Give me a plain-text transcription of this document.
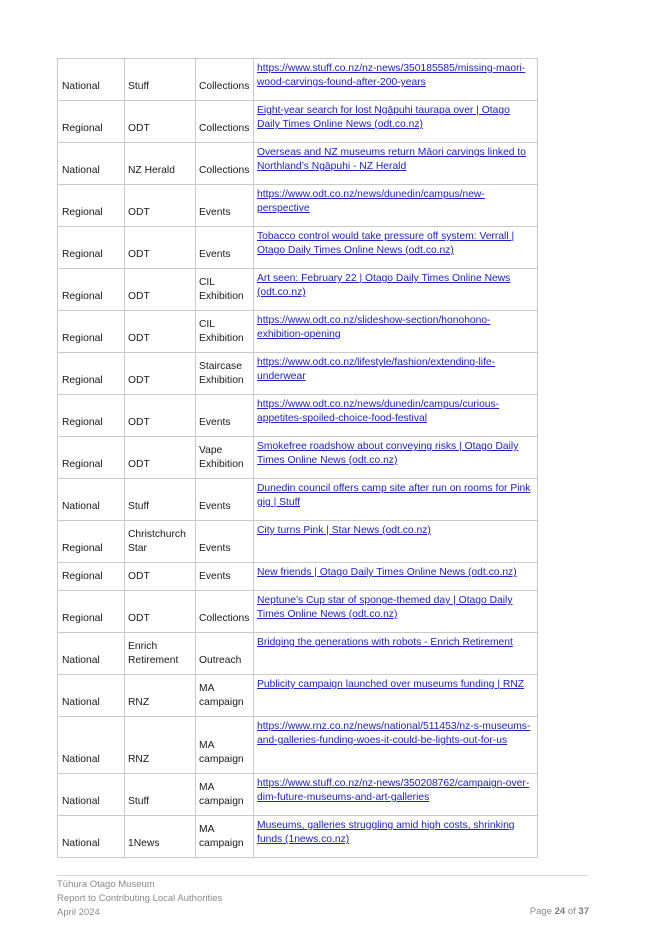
National	Stuff	Collections	https://www.stuff.co.nz/nz-news/350185585/missing-maori-wood-carvings-found-after-200-years

Regional	ODT	Collections	Eight-year search for lost Ngāpuhi taurapa over | Otago Daily Times Online News (odt.co.nz)

National	NZ Herald	Collections	Overseas and NZ museums return Māori carvings linked to Northland’s Ngāpuhi - NZ Herald

Regional	ODT	Events	https://www.odt.co.nz/news/dunedin/campus/new-perspective

Regional	ODT	Events	Tobacco control would take pressure off system: Verrall | Otago Daily Times Online News (odt.co.nz)

Regional	ODT	CIL Exhibition	Art seen: February 22 | Otago Daily Times Online News (odt.co.nz)

Regional	ODT	CIL Exhibition	https://www.odt.co.nz/slideshow-section/honohono-exhibition-opening

Regional	ODT	Staircase Exhibition	https://www.odt.co.nz/lifestyle/fashion/extending-life-underwear

Regional	ODT	Events	https://www.odt.co.nz/news/dunedin/campus/curious-appetites-spoiled-choice-food-festival

Regional	ODT	Vape Exhibition	Smokefree roadshow about conveying risks | Otago Daily Times Online News (odt.co.nz)

National	Stuff	Events	Dunedin council offers camp site after run on rooms for Pink gig | Stuff

Regional	Christchurch Star	Events	City turns Pink | Star News (odt.co.nz)

Regional	ODT	Events	New friends | Otago Daily Times Online News (odt.co.nz)

Regional	ODT	Collections	Neptune’s Cup star of sponge-themed day | Otago Daily Times Online News (odt.co.nz)

National	Enrich Retirement	Outreach	Bridging the generations with robots - Enrich Retirement

National	RNZ	MA campaign	Publicity campaign launched over museums funding | RNZ

National	RNZ	MA campaign	https://www.rnz.co.nz/news/national/511453/nz-s-museums-and-galleries-funding-woes-it-could-be-lights-out-for-us

National	Stuff	MA campaign	https://www.stuff.co.nz/nz-news/350208762/campaign-over-dim-future-museums-and-art-galleries

National	1News	MA campaign	Museums, galleries struggling amid high costs, shrinking funds (1news.co.nz)
Tūhura Otago Museum
Report to Contributing Local Authorities
April 2024	Page 24 of 37
